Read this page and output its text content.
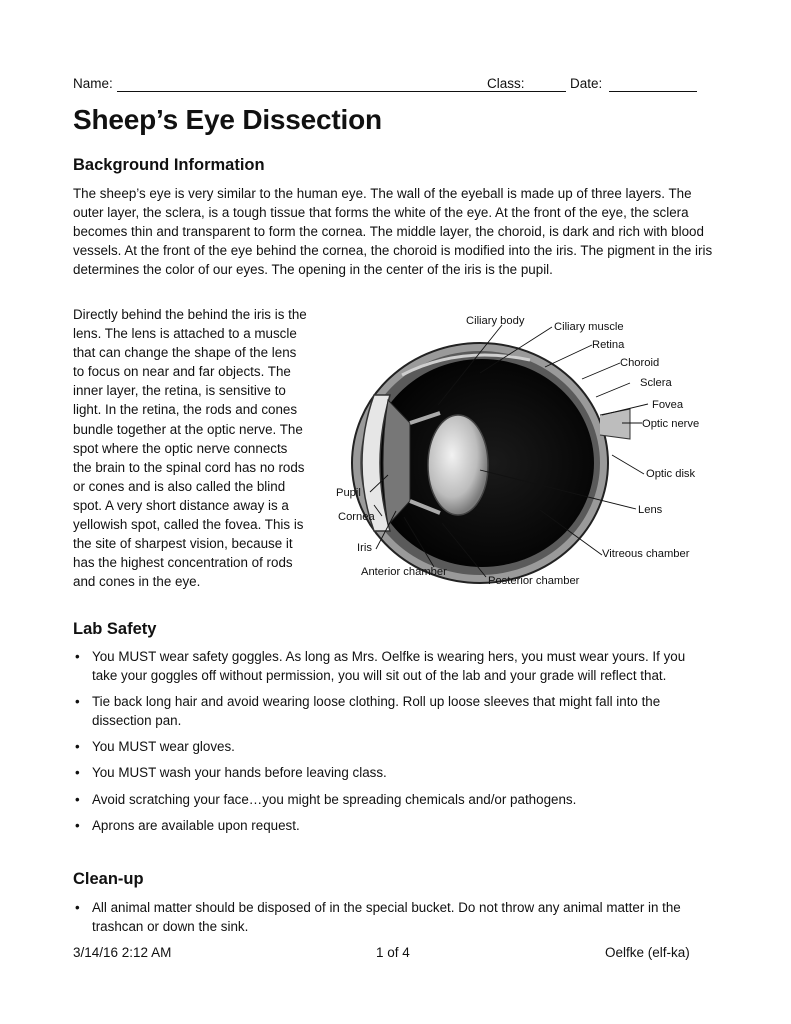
Name:	Class:	Date:
Sheep’s Eye Dissection
Background Information
The sheep’s eye is very similar to the human eye. The wall of the eyeball is made up of three layers. The outer layer, the sclera, is a tough tissue that forms the white of the eye. At the front of the eye, the sclera becomes thin and transparent to form the cornea. The middle layer, the choroid, is dark and rich with blood vessels. At the front of the eye behind the cornea, the choroid is modified into the iris. The pigment in the iris determines the color of our eyes. The opening in the center of the iris is the pupil.
Directly behind the behind the iris is the lens. The lens is attached to a muscle that can change the shape of the lens to focus on near and far objects. The inner layer, the retina, is sensitive to light. In the retina, the rods and cones bundle together at the optic nerve. The spot where the optic nerve connects the brain to the spinal cord has no rods or cones and is also called the blind spot. A very short distance away is a yellowish spot, called the fovea. This is the site of sharpest vision, because it has the highest concentration of rods and cones in the eye.
Ciliary body	Ciliary muscle
Retina
Choroid
Sclera
Fovea
Optic nerve
Optic disk
Lens
Vitreous chamber
Posterior chamber
Anterior chamber
Iris
Cornea
Pupil
Lab Safety
• You MUST wear safety goggles. As long as Mrs. Oelfke is wearing hers, you must wear yours. If you take your goggles off without permission, you will sit out of the lab and your grade will reflect that.
• Tie back long hair and avoid wearing loose clothing. Roll up loose sleeves that might fall into the dissection pan.
• You MUST wear gloves.
• You MUST wash your hands before leaving class.
• Avoid scratching your face…you might be spreading chemicals and/or pathogens.
• Aprons are available upon request.
Clean-up
• All animal matter should be disposed of in the special bucket. Do not throw any animal matter in the trashcan or down the sink.
3/14/16 2:12 AM	1 of 4	Oelfke (elf-ka)
